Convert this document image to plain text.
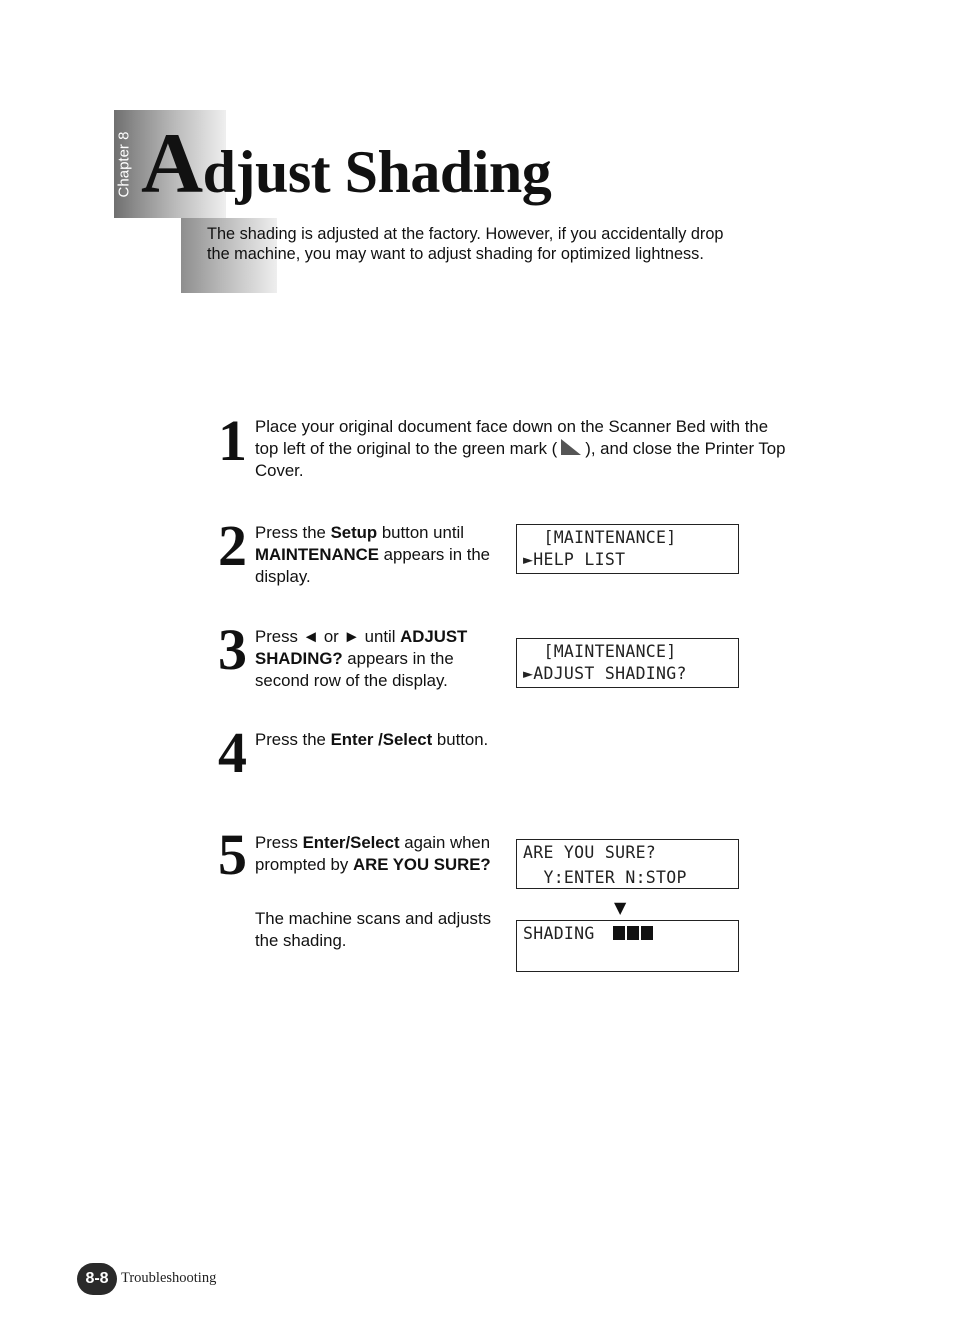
Chapter 8 Adjust Shading

The shading is adjusted at the factory. However, if you accidentally drop the machine, you may want to adjust shading for optimized lightness.

1 Place your original document face down on the Scanner Bed with the top left of the original to the green mark ( ), and close the Printer Top Cover.

2 Press the Setup button until MAINTENANCE appears in the display.

[MAINTENANCE]
►HELP LIST
3 Press ◄ or ► until ADJUST SHADING? appears in the second row of the display.

[MAINTENANCE]
►ADJUST SHADING?
4 Press the Enter /Select button.

5 Press Enter/Select again when prompted by ARE YOU SURE?

The machine scans and adjusts the shading.

ARE YOU SURE?
Y:ENTER N:STOP
▼
SHADING
8-8 Troubleshooting
